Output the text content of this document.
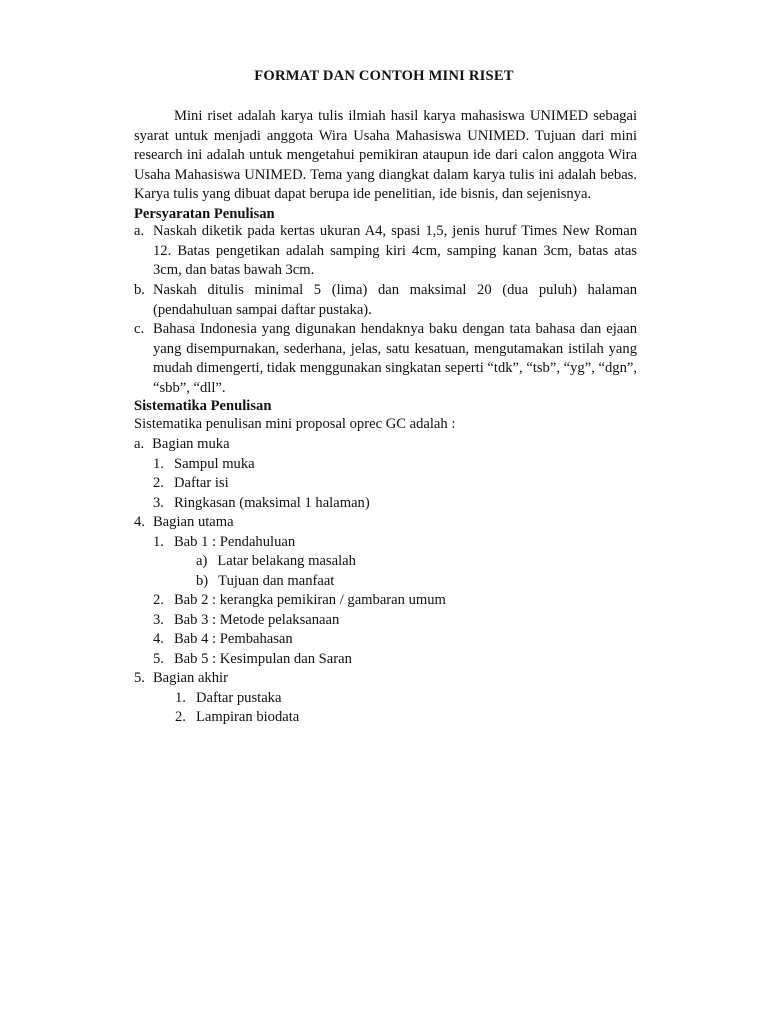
FORMAT DAN CONTOH MINI RISET
Mini riset adalah karya tulis ilmiah hasil karya mahasiswa UNIMED sebagai syarat untuk menjadi anggota Wira Usaha Mahasiswa UNIMED. Tujuan dari mini research ini adalah untuk mengetahui pemikiran ataupun ide dari calon anggota Wira Usaha Mahasiswa UNIMED. Tema yang diangkat dalam karya tulis ini adalah bebas. Karya tulis yang dibuat dapat berupa ide penelitian, ide bisnis, dan sejenisnya.
Persyaratan Penulisan
a. Naskah diketik pada kertas ukuran A4, spasi 1,5, jenis huruf Times New Roman 12. Batas pengetikan adalah samping kiri 4cm, samping kanan 3cm, batas atas 3cm, dan batas bawah 3cm.
b. Naskah ditulis minimal 5 (lima) dan maksimal 20 (dua puluh) halaman (pendahuluan sampai daftar pustaka).
c. Bahasa Indonesia yang digunakan hendaknya baku dengan tata bahasa dan ejaan yang disempurnakan, sederhana, jelas, satu kesatuan, mengutamakan istilah yang mudah dimengerti, tidak menggunakan singkatan seperti “tdk”, “tsb”, “yg”, “dgn”, “sbb”, “dll”.
Sistematika Penulisan
Sistematika penulisan mini proposal oprec GC adalah :
a. Bagian muka
1. Sampul muka
2. Daftar isi
3. Ringkasan (maksimal 1 halaman)
4. Bagian utama
1. Bab 1 : Pendahuluan
a) Latar belakang masalah
b) Tujuan dan manfaat
2. Bab 2 : kerangka pemikiran / gambaran umum
3. Bab 3 : Metode pelaksanaan
4. Bab 4 : Pembahasan
5. Bab 5 : Kesimpulan dan Saran
5. Bagian akhir
1. Daftar pustaka
2. Lampiran biodata
